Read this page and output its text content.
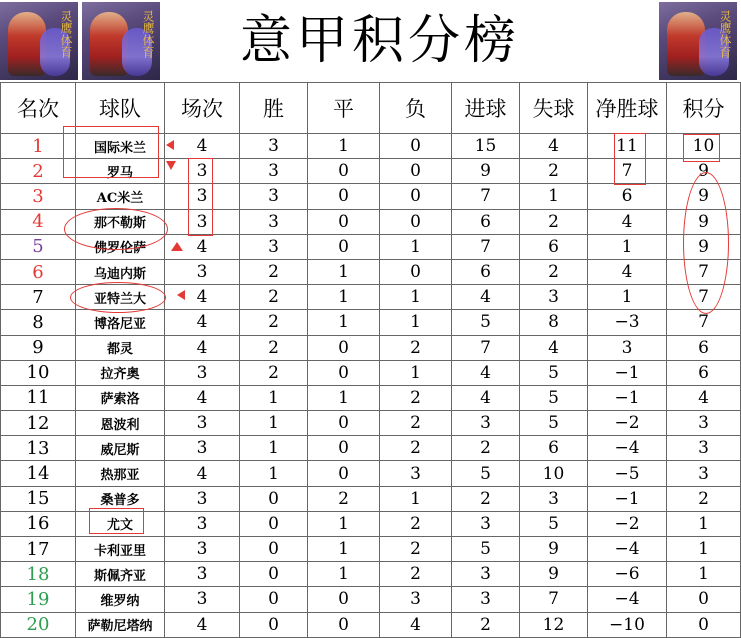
灵鹰体育	灵鹰体育	意甲积分榜	灵鹰体育
名次	球队	场次	胜	平	负	进球	失球	净胜球	积分
1	国际米兰	4	3	1	0	15	4	11	10
2	罗马	3	3	0	0	9	2	7	9
3	AC米兰	3	3	0	0	7	1	6	9
4	那不勒斯	3	3	0	0	6	2	4	9
5	佛罗伦萨	4	3	0	1	7	6	1	9
6	乌迪内斯	3	2	1	0	6	2	4	7
7	亚特兰大	4	2	1	1	4	3	1	7
8	博洛尼亚	4	2	1	1	5	8	−3	7
9	都灵	4	2	0	2	7	4	3	6
10	拉齐奥	3	2	0	1	4	5	−1	6
11	萨索洛	4	1	1	2	4	5	−1	4
12	恩波利	3	1	0	2	3	5	−2	3
13	威尼斯	3	1	0	2	2	6	−4	3
14	热那亚	4	1	0	3	5	10	−5	3
15	桑普多	3	0	2	1	2	3	−1	2
16	尤文	3	0	1	2	3	5	−2	1
17	卡利亚里	3	0	1	2	5	9	−4	1
18	斯佩齐亚	3	0	1	2	3	9	−6	1
19	维罗纳	3	0	0	3	3	7	−4	0
20	萨勒尼塔纳	4	0	0	4	2	12	−10	0
